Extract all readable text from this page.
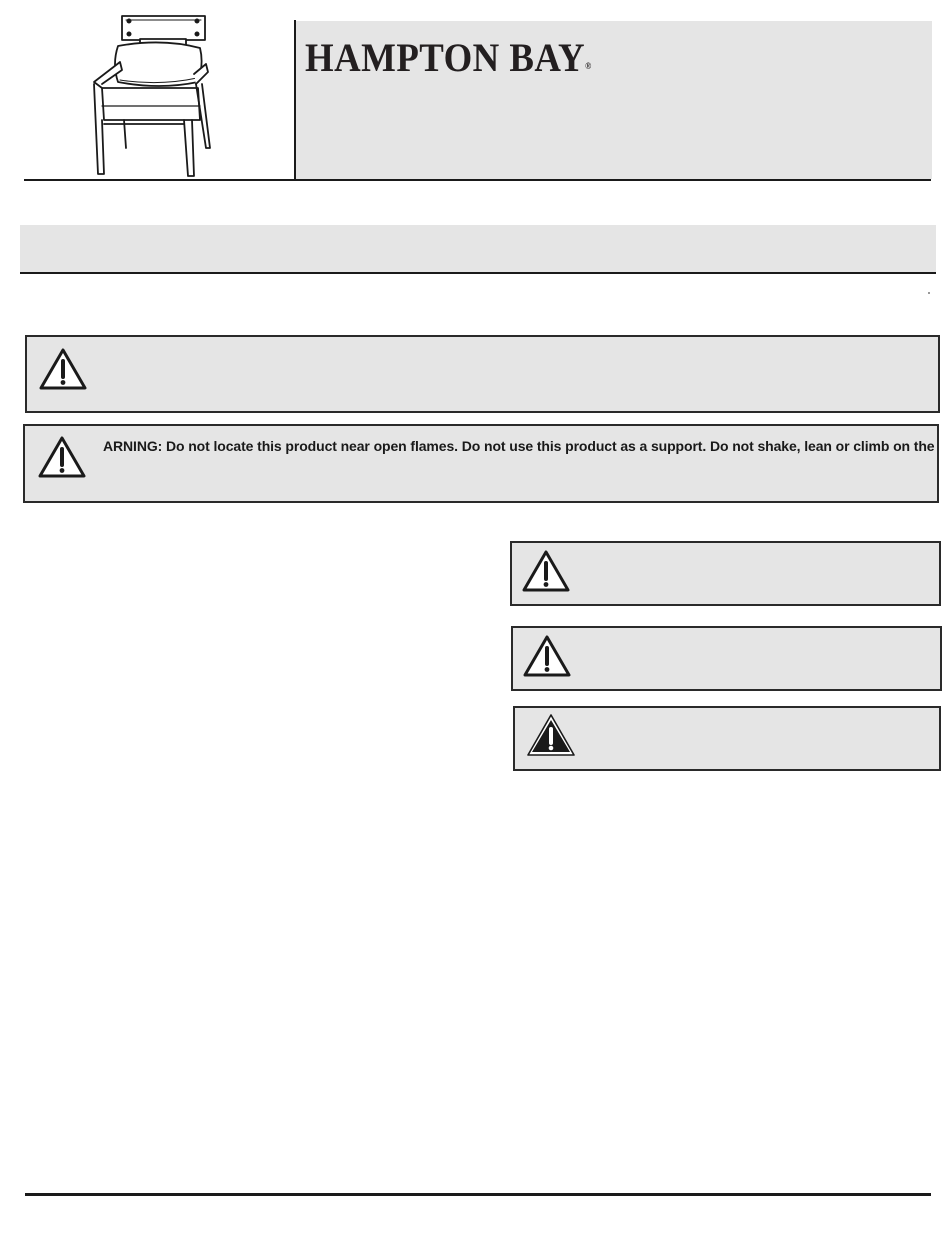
HAMPTON BAY®

ARNING: Do not locate this product near open flames. Do not use this product as a support. Do not shake, lean or climb on the
